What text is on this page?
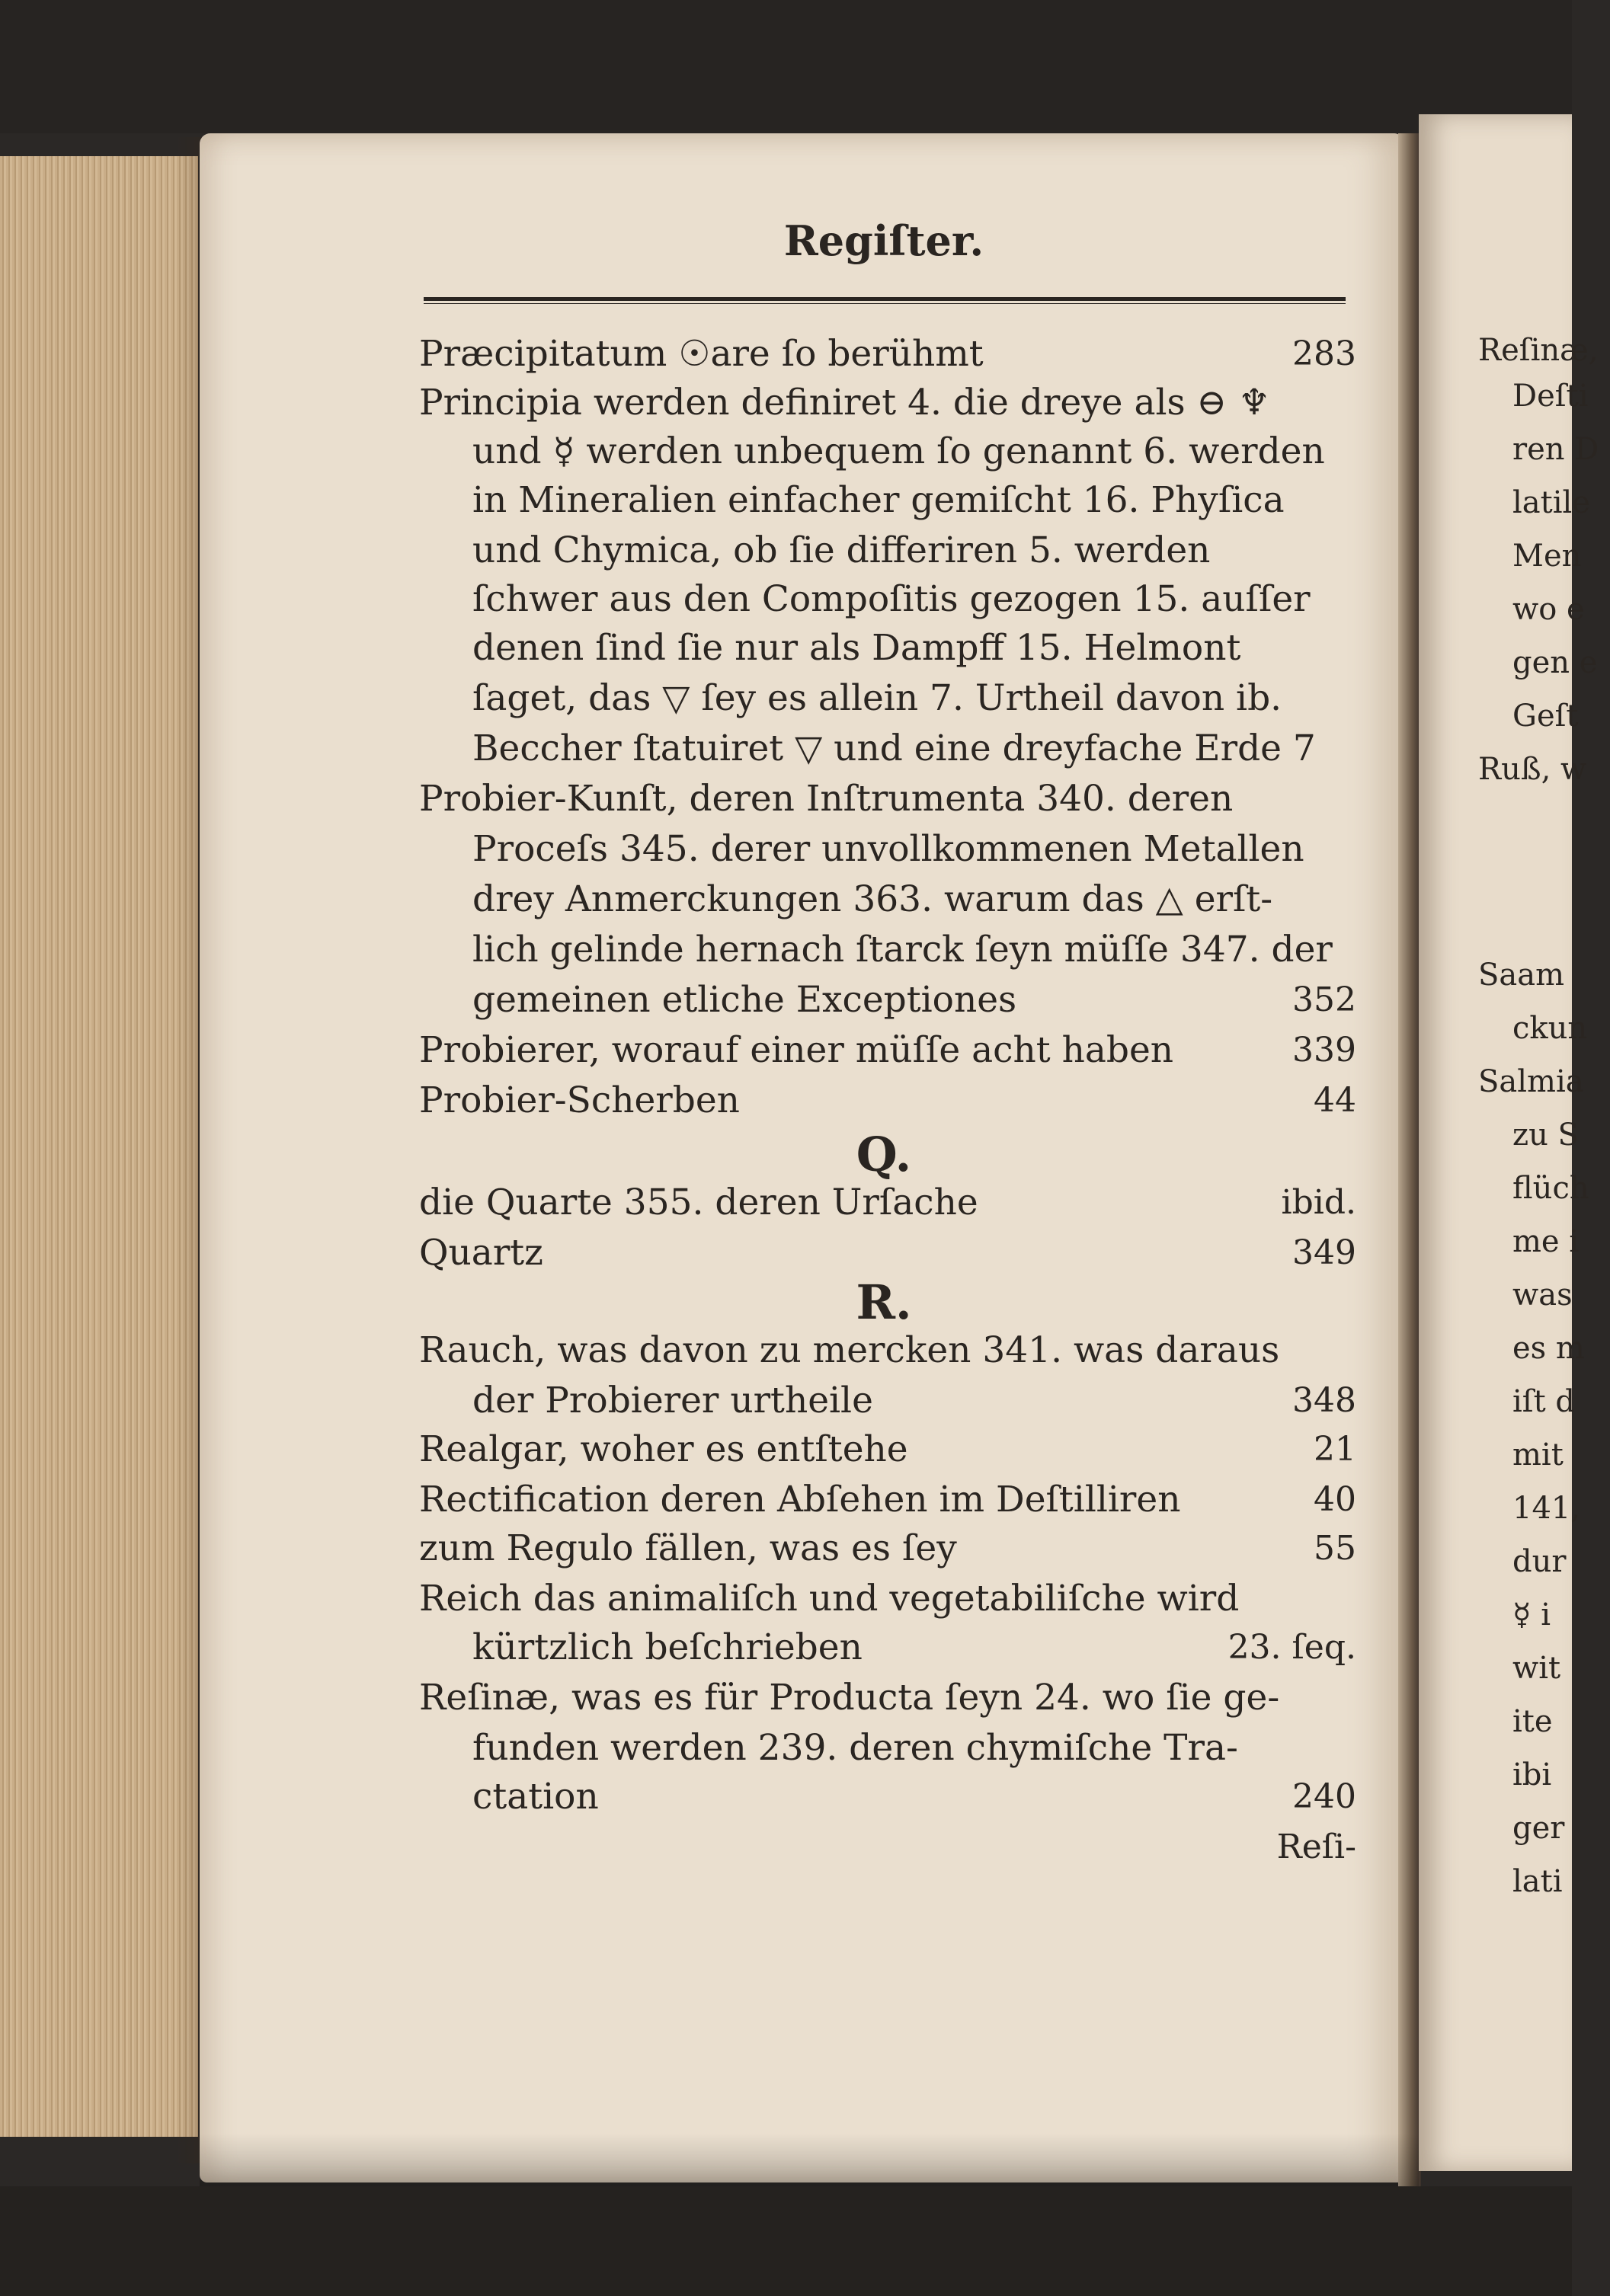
Regiſter.
Præcipitatum ☉are ſo berühmt	283
Principia werden definiret 4. die dreye als ⊖ ♆
und ☿ werden unbequem ſo genannt 6. werden
in Mineralien einfacher gemiſcht 16. Phyſica
und Chymica, ob ſie differiren 5. werden
ſchwer aus den Compoſitis gezogen 15. auſſer
denen ſind ſie nur als Dampff 15. Helmont
ſaget, das ▽ ſey es allein 7. Urtheil davon ib.
Beccher ſtatuiret ▽ und eine dreyfache Erde 7
Probier-Kunſt, deren Inſtrumenta 340. deren
Proceſs 345. derer unvollkommenen Metallen
drey Anmerckungen 363. warum das △ erſt-
lich gelinde hernach ſtarck ſeyn müſſe 347. der
gemeinen etliche Exceptiones	352
Probierer, worauf einer müſſe acht haben	339
Probier-Scherben	44
Q.
die Quarte 355. deren Urſache	ibid.
Quartz	349
R.
Rauch, was davon zu mercken 341. was daraus
der Probierer urtheile	348
Realgar, woher es entſtehe	21
Rectification deren Abſehen im Deſtilliren	40
zum Regulo fällen, was es ſey	55
Reich das animaliſch und vegetabiliſche wird
kürtzlich beſchrieben	23. ſeq.
Reſinæ, was es für Producta ſeyn 24. wo ſie ge-
funden werden 239. deren chymiſche Tra-
ctation	240
Reſi-
Reſinæ,
Deſti
ren D
latile
Men
wo e
gen e
Geſt
Ruß, w
Saam
ckun
Salmia
zu S
flüch
me i
was
es m
iſt d
mit
141,
dur
☿ i
wit
ite
ibi
ger
lati
